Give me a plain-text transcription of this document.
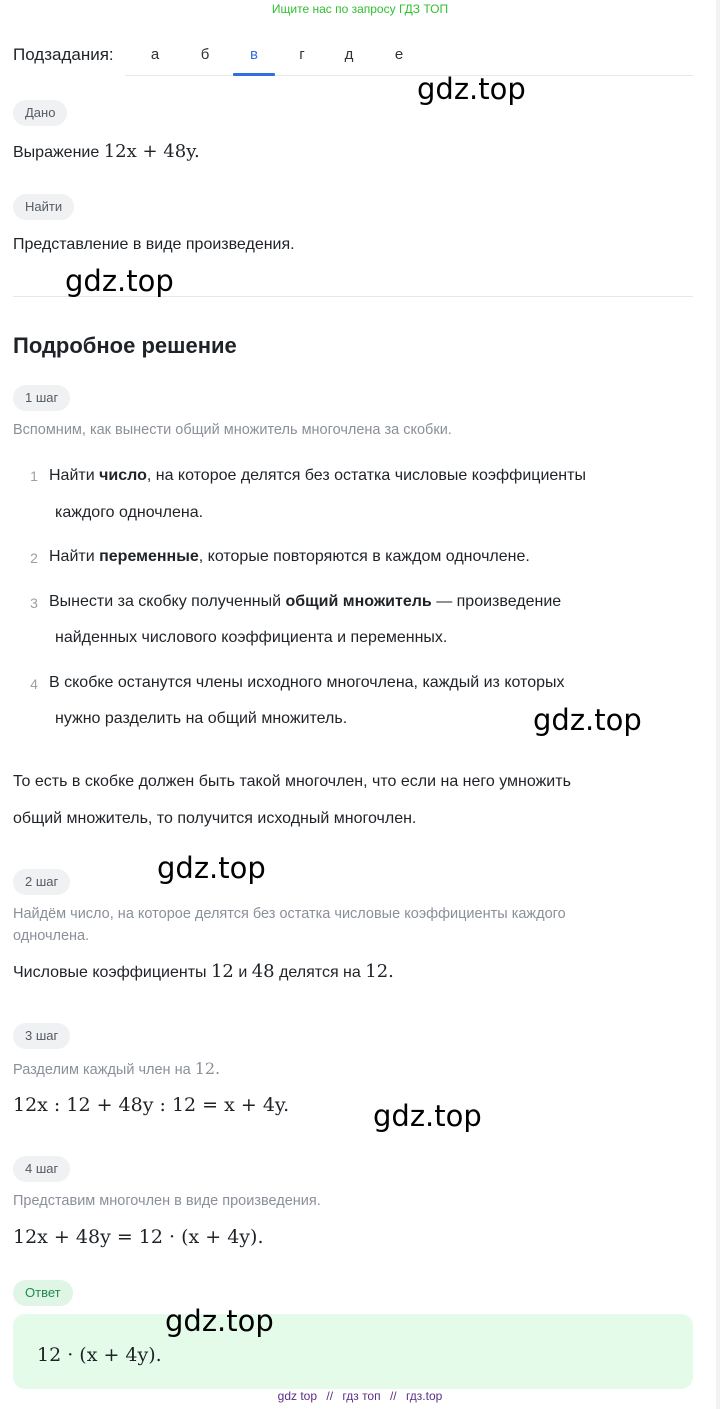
Ищите нас по запросу ГДЗ ТОП
Подзадания:	а	б	в	г	д	е
Дано
Выражение 12x + 48y.
Найти
Представление в виде произведения.
Подробное решение
1 шаг
Вспомним, как вынести общий множитель многочлена за скобки.
1 Найти число, на которое делятся без остатка числовые коэффициенты
каждого одночлена.
2 Найти переменные, которые повторяются в каждом одночлене.
3 Вынести за скобку полученный общий множитель — произведение
найденных числового коэффициента и переменных.
4 В скобке останутся члены исходного многочлена, каждый из которых
нужно разделить на общий множитель.
То есть в скобке должен быть такой многочлен, что если на него умножить
общий множитель, то получится исходный многочлен.
2 шаг
Найдём число, на которое делятся без остатка числовые коэффициенты каждого
одночлена.
Числовые коэффициенты 12 и 48 делятся на 12.
3 шаг
Разделим каждый член на 12.
12x : 12 + 48y : 12 = x + 4y.
4 шаг
Представим многочлен в виде произведения.
12x + 48y = 12 · (x + 4y).
Ответ
12 · (x + 4y).
gdz.top
gdz.top
gdz.top
gdz.top
gdz.top
gdz.top
gdz top // гдз топ // гдз.top
